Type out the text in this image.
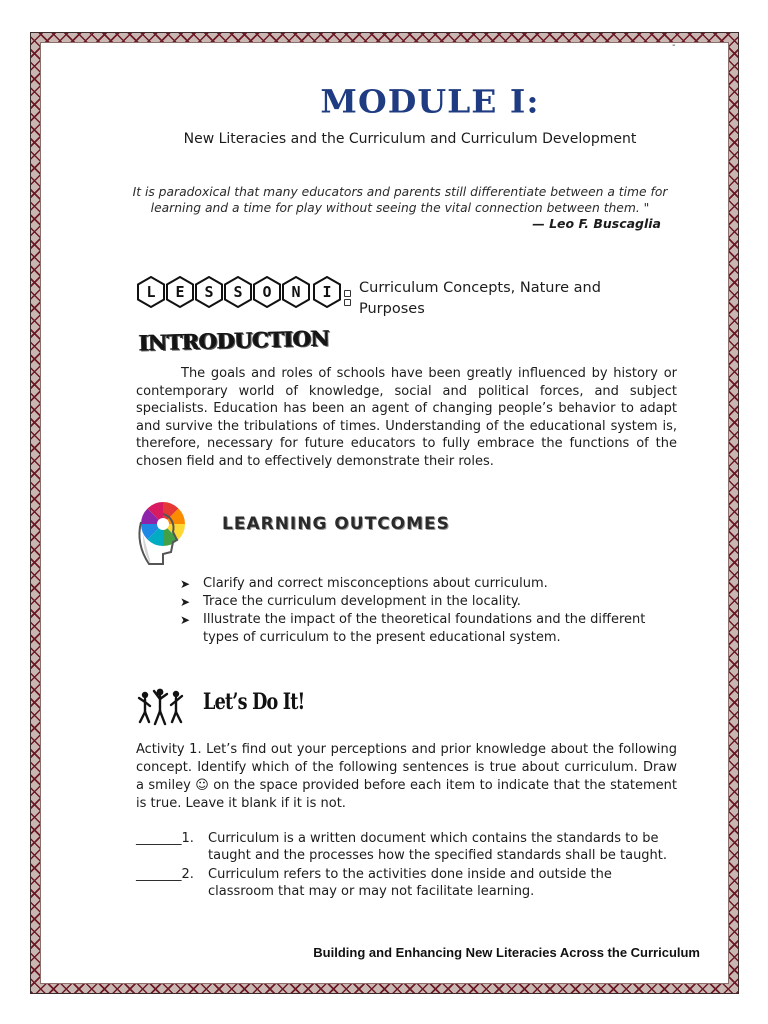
-
MODULE I:
New Literacies and the Curriculum and Curriculum Development
It is paradoxical that many educators and parents still differentiate between a time for learning and a time for play without seeing the vital connection between them. "
— Leo F. Buscaglia
L	E	S	S	O	N	I	Curriculum Concepts, Nature and Purposes
INTRODUCTION
The goals and roles of schools have been greatly influenced by history or contemporary world of knowledge, social and political forces, and subject specialists. Education has been an agent of changing people’s behavior to adapt and survive the tribulations of times. Understanding of the educational system is, therefore, necessary for future educators to fully embrace the functions of the chosen field and to effectively demonstrate their roles.
LEARNING OUTCOMES
➤ Clarify and correct misconceptions about curriculum.
➤ Trace the curriculum development in the locality.
➤ Illustrate the impact of the theoretical foundations and the different types of curriculum to the present educational system.
Let’s Do It!
Activity 1. Let’s find out your perceptions and prior knowledge about the following concept. Identify which of the following sentences is true about curriculum. Draw a smiley ☺ on the space provided before each item to indicate that the statement is true. Leave it blank if it is not.
_______1. Curriculum is a written document which contains the standards to be taught and the processes how the specified standards shall be taught.
_______2. Curriculum refers to the activities done inside and outside the classroom that may or may not facilitate learning.
Building and Enhancing New Literacies Across the Curriculum
